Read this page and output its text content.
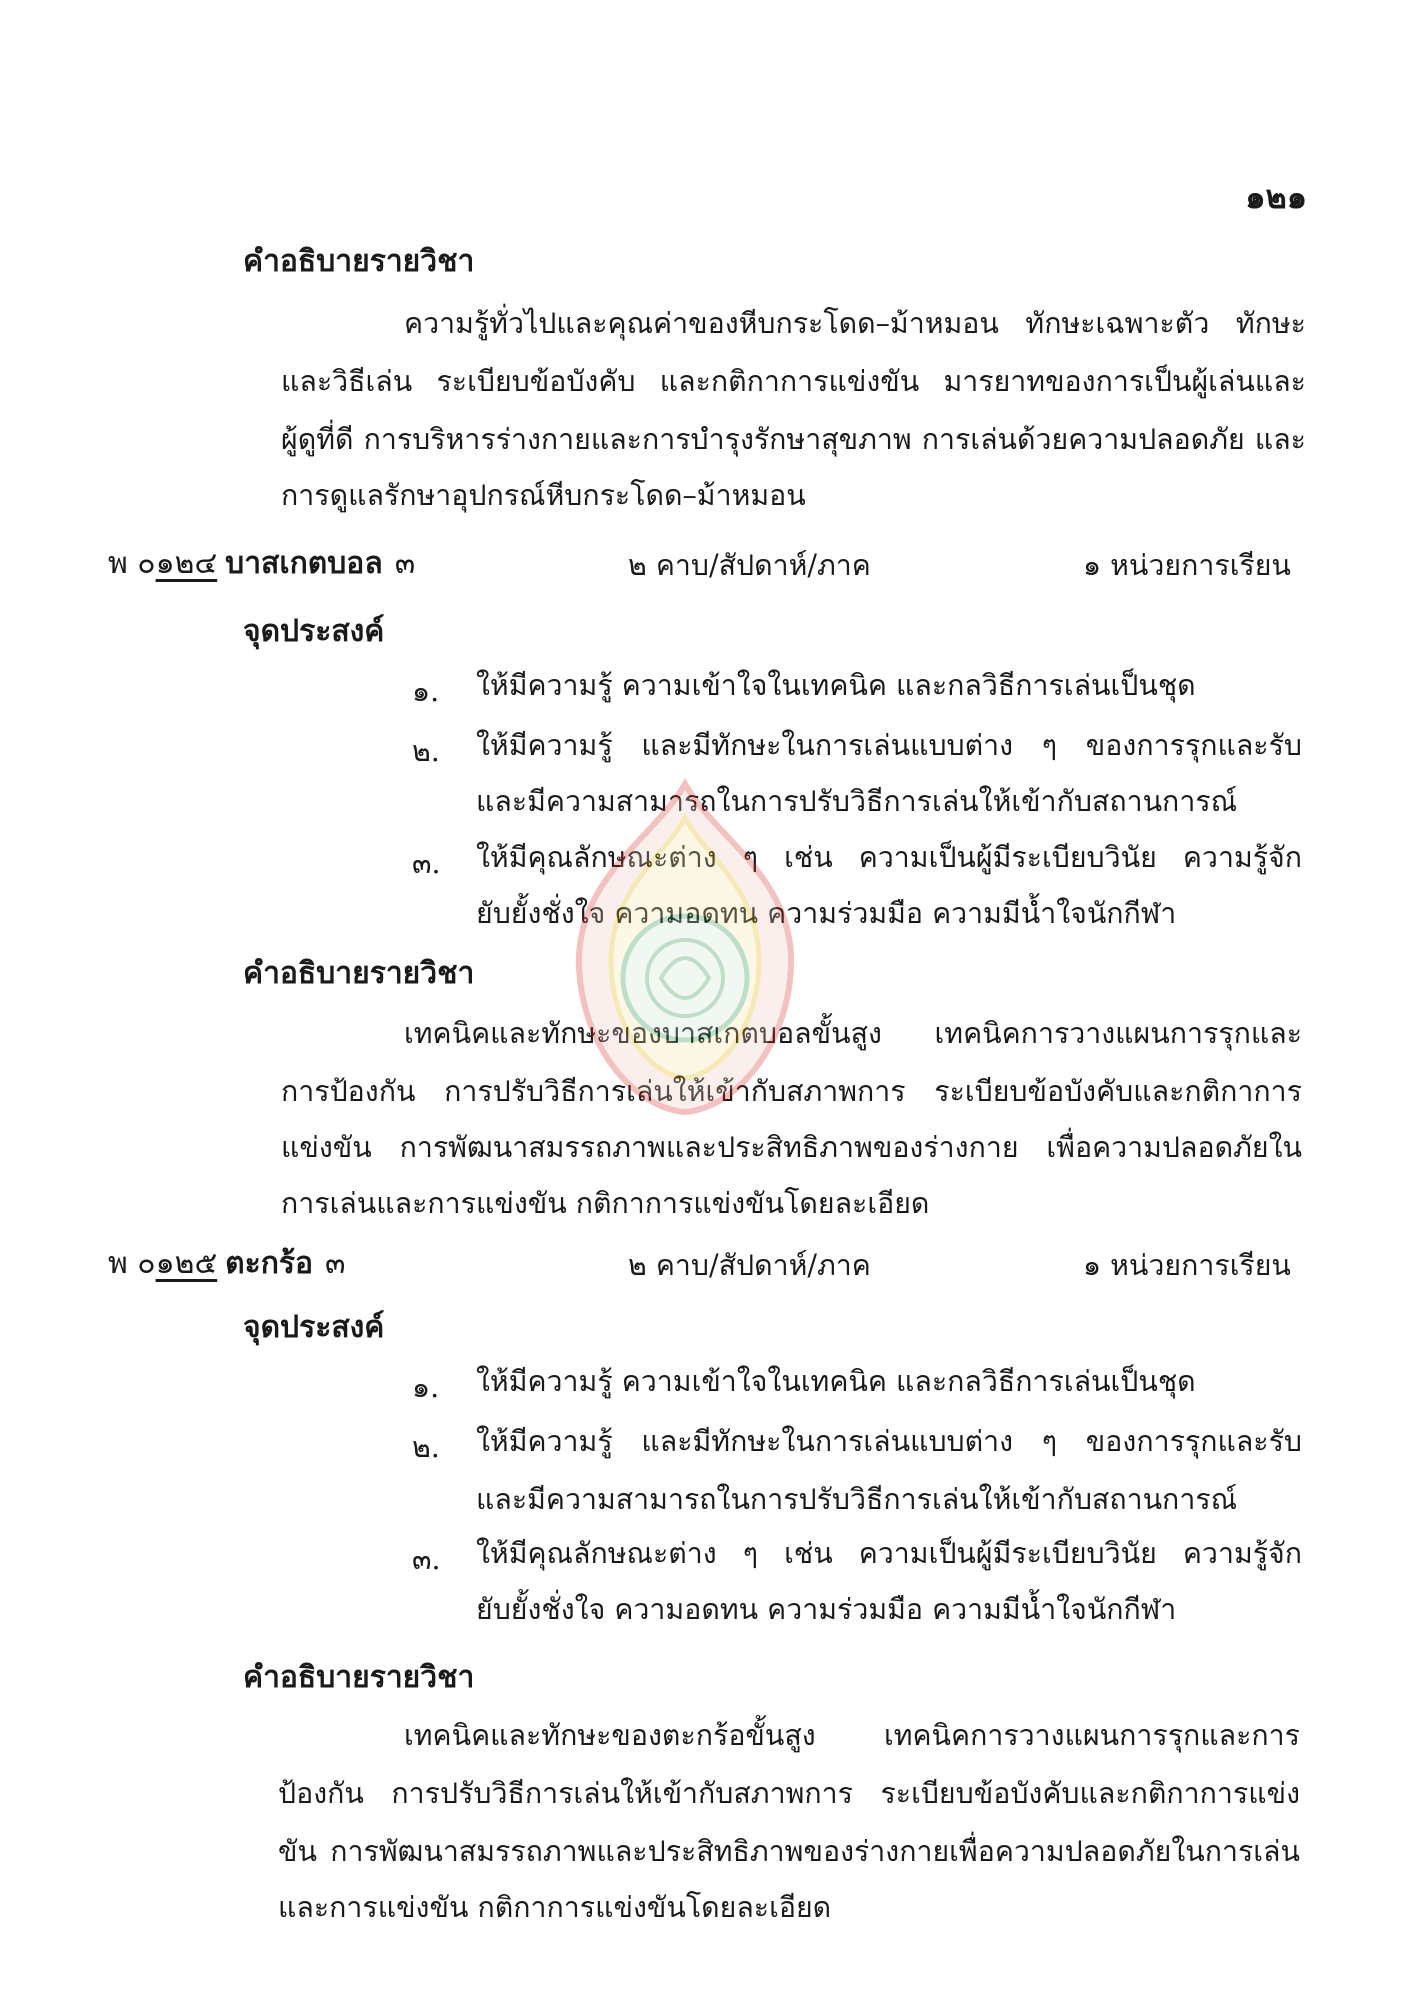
๑๒๑
คำอธิบายรายวิชา
ความรู้ทั่วไปและคุณค่าของหีบกระโดด–ม้าหมอน ทักษะเฉพาะตัว ทักษะ
และวิธีเล่น ระเบียบข้อบังคับ และกติกาการแข่งขัน มารยาทของการเป็นผู้เล่นและ
ผู้ดูที่ดี การบริหารร่างกายและการบำรุงรักษาสุขภาพ การเล่นด้วยความปลอดภัย และ
การดูแลรักษาอุปกรณ์หีบกระโดด–ม้าหมอน
พ ๐๑๒๔ บาสเกตบอล ๓	๒ คาบ/สัปดาห์/ภาค	๑ หน่วยการเรียน
จุดประสงค์
๑. ให้มีความรู้ ความเข้าใจในเทคนิค และกลวิธีการเล่นเป็นชุด
๒. ให้มีความรู้ และมีทักษะในการเล่นแบบต่าง ๆ ของการรุกและรับ
และมีความสามารถในการปรับวิธีการเล่นให้เข้ากับสถานการณ์
๓. ให้มีคุณลักษณะต่าง ๆ เช่น ความเป็นผู้มีระเบียบวินัย ความรู้จัก
ยับยั้งชั่งใจ ความอดทน ความร่วมมือ ความมีน้ำใจนักกีฬา
คำอธิบายรายวิชา
เทคนิคและทักษะของบาสเกตบอลขั้นสูง เทคนิคการวางแผนการรุกและ
การป้องกัน การปรับวิธีการเล่นให้เข้ากับสภาพการ ระเบียบข้อบังคับและกติกาการ
แข่งขัน การพัฒนาสมรรถภาพและประสิทธิภาพของร่างกาย เพื่อความปลอดภัยใน
การเล่นและการแข่งขัน กติกาการแข่งขันโดยละเอียด
พ ๐๑๒๕ ตะกร้อ ๓	๒ คาบ/สัปดาห์/ภาค	๑ หน่วยการเรียน
จุดประสงค์
๑. ให้มีความรู้ ความเข้าใจในเทคนิค และกลวิธีการเล่นเป็นชุด
๒. ให้มีความรู้ และมีทักษะในการเล่นแบบต่าง ๆ ของการรุกและรับ
และมีความสามารถในการปรับวิธีการเล่นให้เข้ากับสถานการณ์
๓. ให้มีคุณลักษณะต่าง ๆ เช่น ความเป็นผู้มีระเบียบวินัย ความรู้จัก
ยับยั้งชั่งใจ ความอดทน ความร่วมมือ ความมีน้ำใจนักกีฬา
คำอธิบายรายวิชา
เทคนิคและทักษะของตะกร้อขั้นสูง เทคนิคการวางแผนการรุกและการ
ป้องกัน การปรับวิธีการเล่นให้เข้ากับสภาพการ ระเบียบข้อบังคับและกติกาการแข่ง
ขัน การพัฒนาสมรรถภาพและประสิทธิภาพของร่างกายเพื่อความปลอดภัยในการเล่น
และการแข่งขัน กติกาการแข่งขันโดยละเอียด
